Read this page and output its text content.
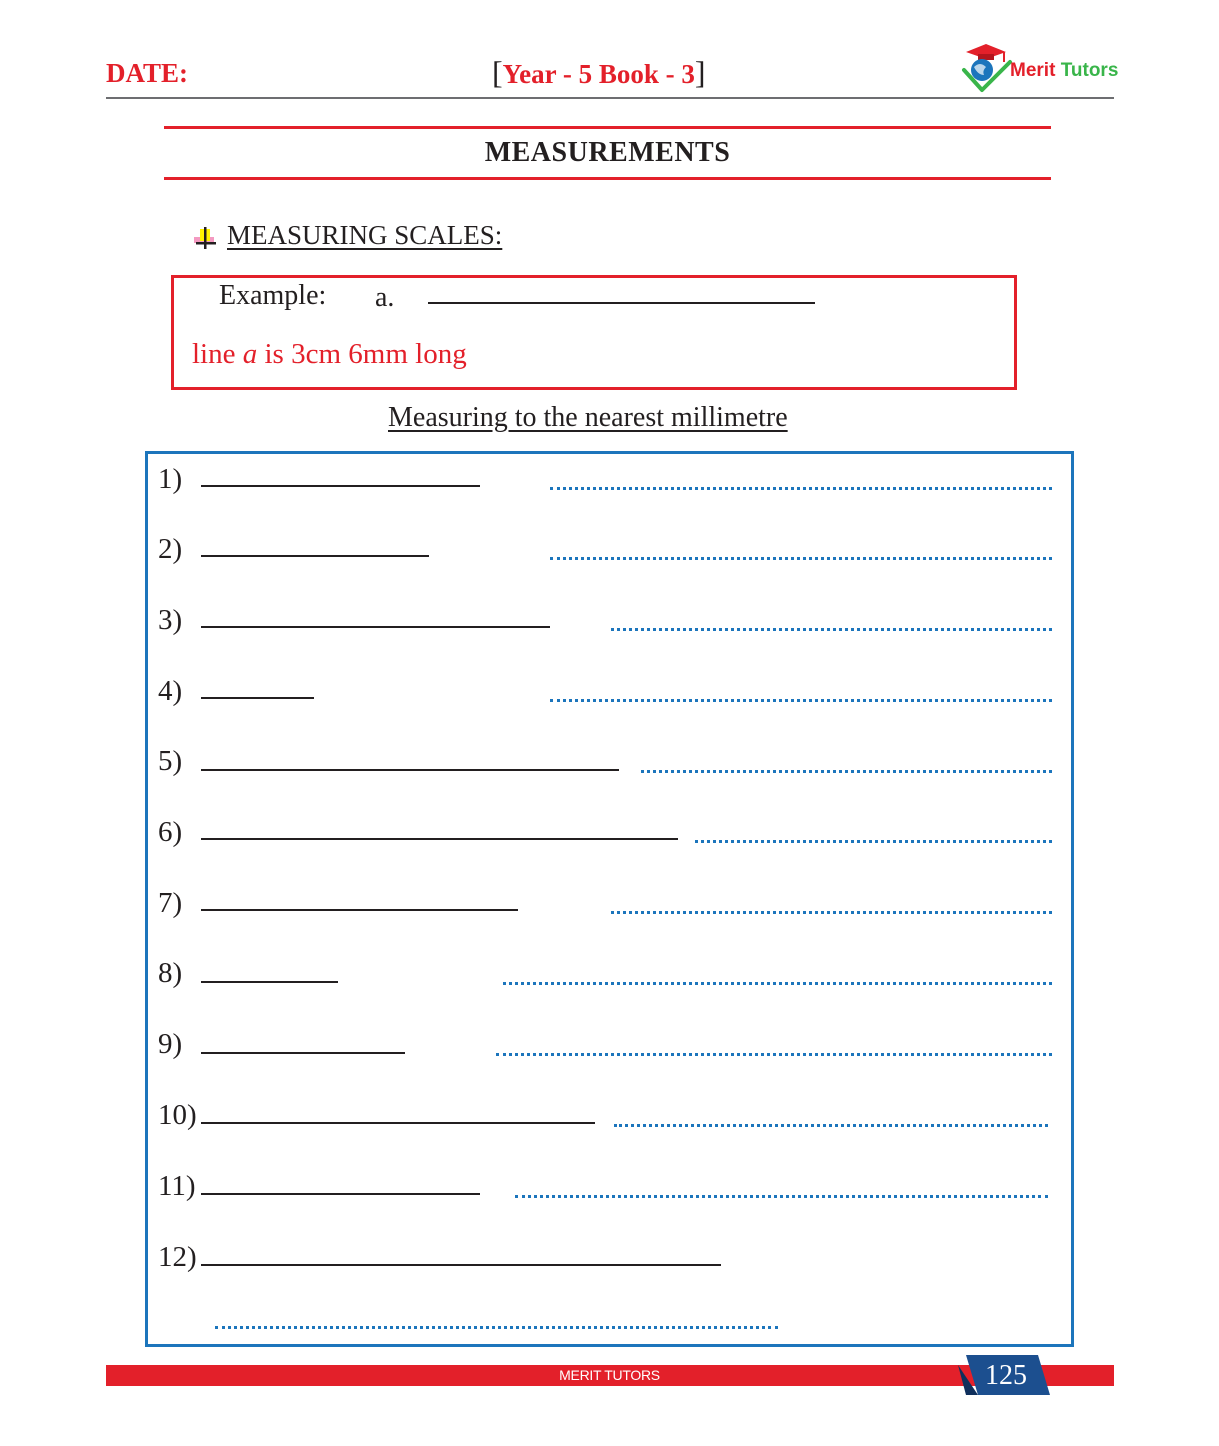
DATE:	[Year - 5 Book - 3]	Merit Tutors
MEASUREMENTS
MEASURING SCALES:
Example: a.
line a is 3cm 6mm long
Measuring to the nearest millimetre
1)
2)
3)
4)
5)
6)
7)
8)
9)
10)
11)
12)
MERIT TUTORS	125
